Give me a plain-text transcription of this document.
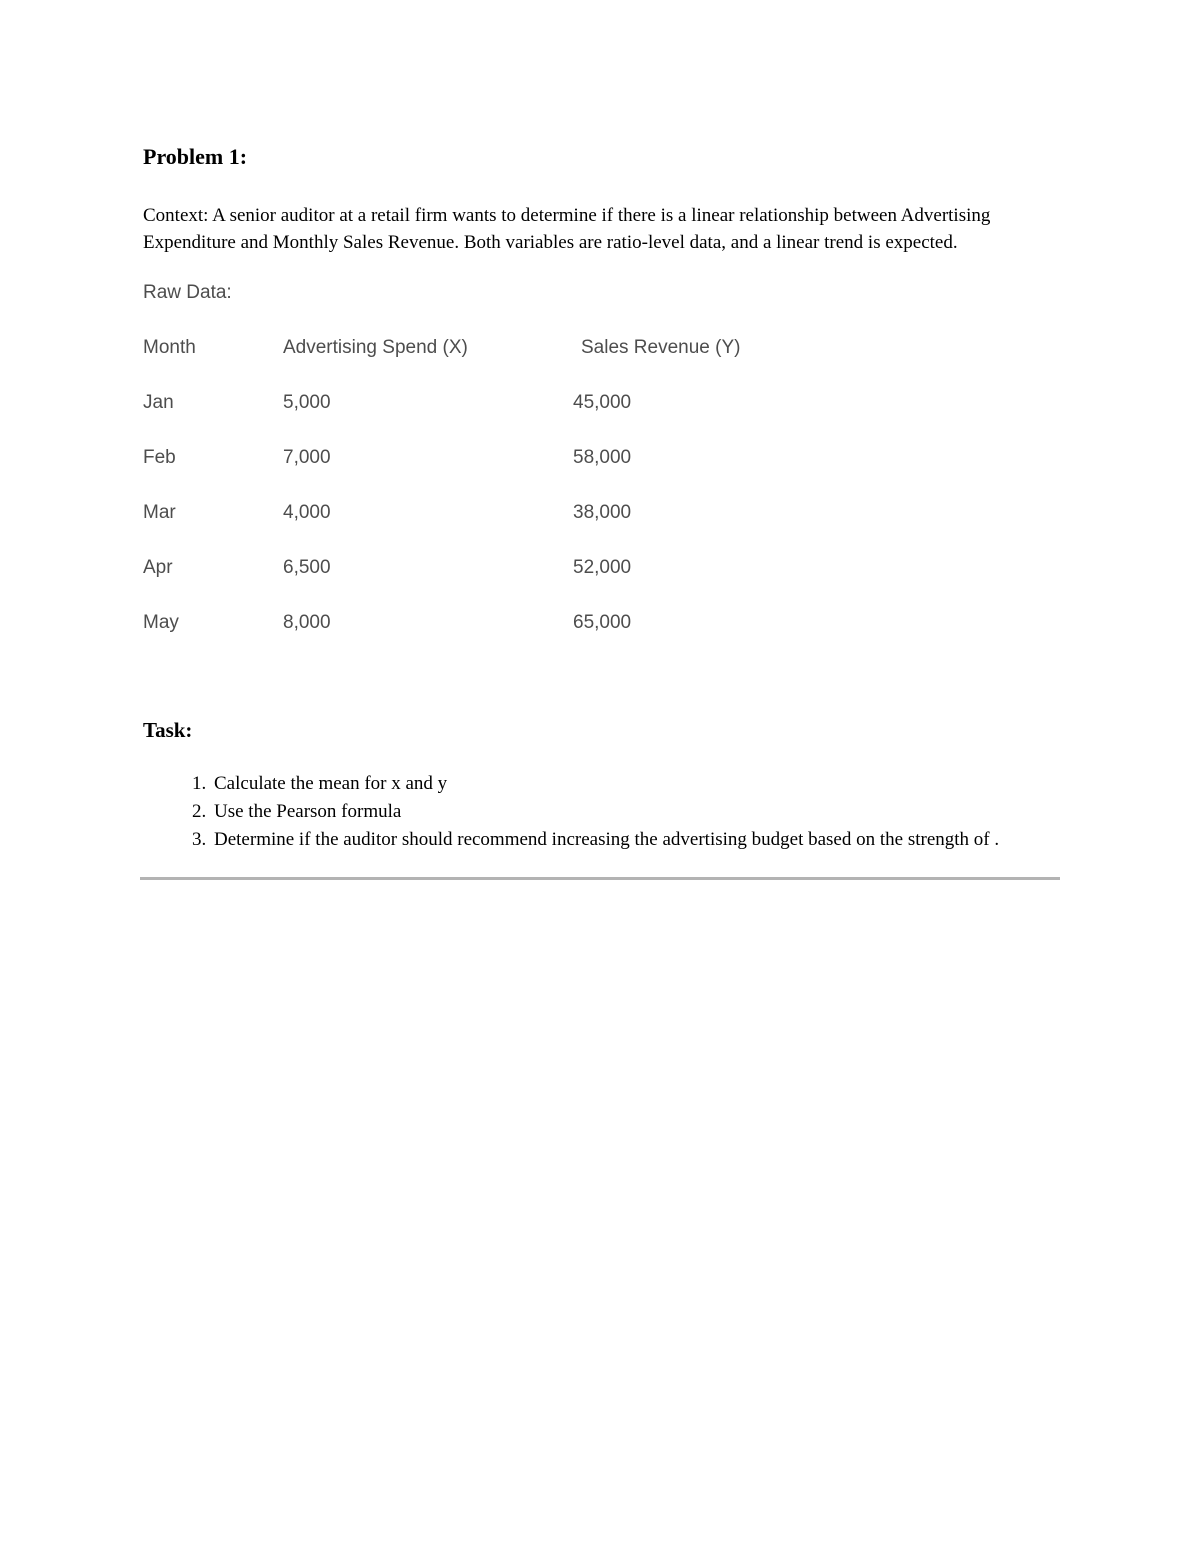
Problem 1:

Context: A senior auditor at a retail firm wants to determine if there is a linear relationship between Advertising Expenditure and Monthly Sales Revenue. Both variables are ratio-level data, and a linear trend is expected.

Raw Data:

Month	Advertising Spend (X)	Sales Revenue (Y)
Jan	5,000	45,000
Feb	7,000	58,000
Mar	4,000	38,000
Apr	6,500	52,000
May	8,000	65,000
Task:
1. Calculate the mean for x and y
2. Use the Pearson formula
3. Determine if the auditor should recommend increasing the advertising budget based on the strength of .
